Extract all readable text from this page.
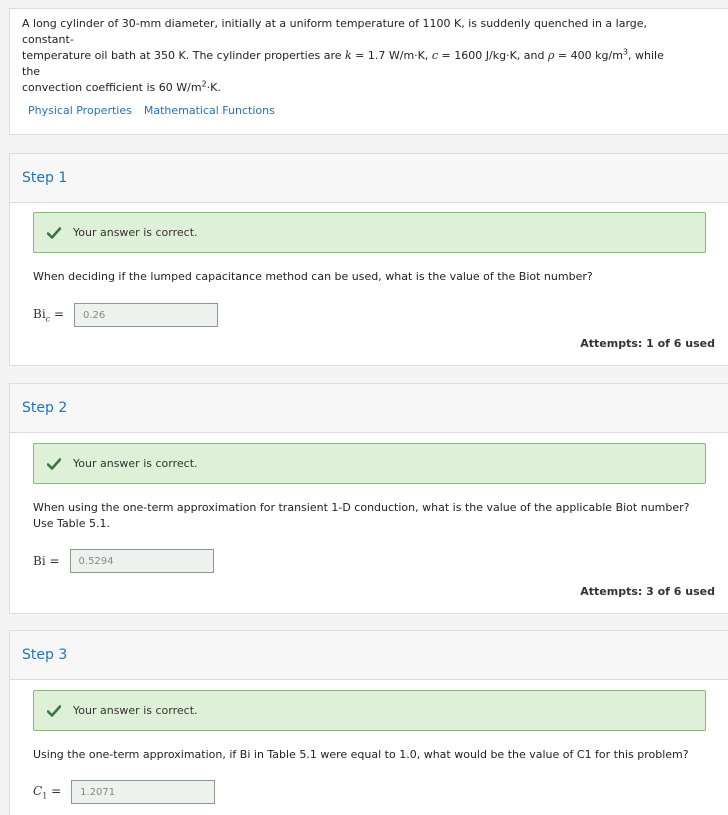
A long cylinder of 30-mm diameter, initially at a uniform temperature of 1100 K, is suddenly quenched in a large, constant-
temperature oil bath at 350 K. The cylinder properties are k = 1.7 W/m·K, c = 1600 J/kg·K, and ρ = 400 $kg/m^3$, while the
convection coefficient is 60 $W/m^2\cdot K$.
Physical Properties Mathematical Functions
Step 1
Your answer is correct.
When deciding if the lumped capacitance method can be used, what is the value of the Biot number?
$Bi_c = 0.26$
Attempts: 1 of 6 used
Step 2
Your answer is correct.
When using the one-term approximation for transient 1-D conduction, what is the value of the applicable Biot number? Use Table 5.1.
Bi = 0.5294
Attempts: 3 of 6 used
Step 3
Your answer is correct.
Using the one-term approximation, if Bi in Table 5.1 were equal to 1.0, what would be the value of C1 for this problem?
$C_1 = 1.2071$
